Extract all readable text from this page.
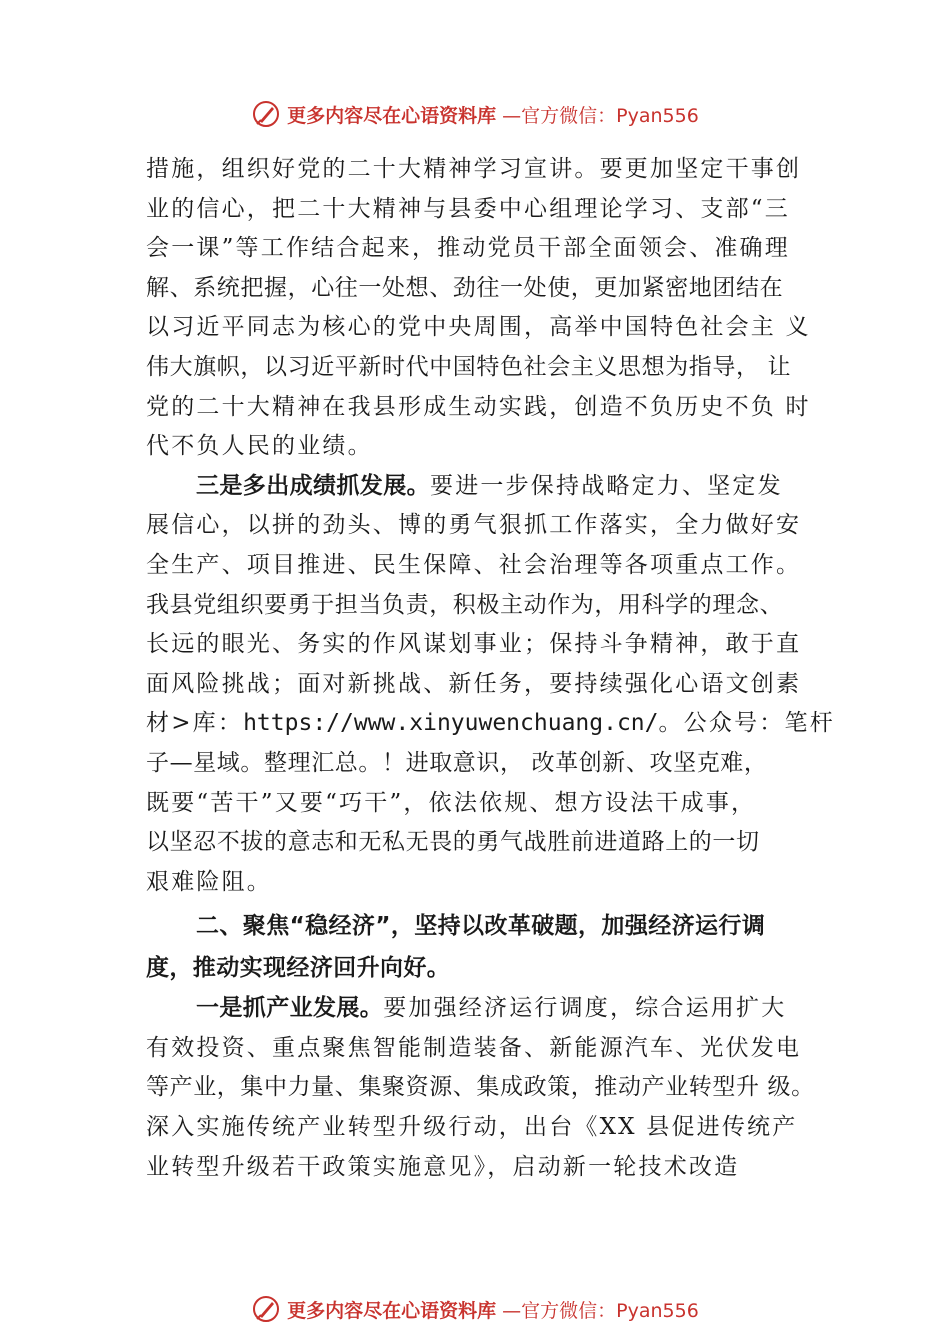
更多内容尽在心语资料库 —官方微信：Pyan556
措施，组织好党的二十大精神学习宣讲。要更加坚定干事创
业的信心，把二十大精神与县委中心组理论学习、支部“三
会一课”等工作结合起来，推动党员干部全面领会、准确理
解、系统把握，心往一处想、劲往一处使，更加紧密地团结在
以习近平同志为核心的党中央周围，高举中国特色社会主 义
伟大旗帜，以习近平新时代中国特色社会主义思想为指导， 让
党的二十大精神在我县形成生动实践，创造不负历史不负 时
代不负人民的业绩。
三是多出成绩抓发展。要进一步保持战略定力、坚定发
展信心，以拼的劲头、博的勇气狠抓工作落实，全力做好安
全生产、项目推进、民生保障、社会治理等各项重点工作。
我县党组织要勇于担当负责，积极主动作为，用科学的理念、
长远的眼光、务实的作风谋划事业；保持斗争精神，敢于直
面风险挑战；面对新挑战、新任务，要持续强化心语文创素
材>库：https://www.xinyuwenchuang.cn/。公众号：笔杆
子—星域。整理汇总。！进取意识， 改革创新、攻坚克难，
既要“苦干”又要“巧干”，依法依规、想方设法干成事，
以坚忍不拔的意志和无私无畏的勇气战胜前进道路上的一切
艰难险阻。
二、聚焦“稳经济”，坚持以改革破题，加强经济运行调
度，推动实现经济回升向好。
一是抓产业发展。要加强经济运行调度，综合运用扩大
有效投资、重点聚焦智能制造装备、新能源汽车、光伏发电
等产业，集中力量、集聚资源、集成政策，推动产业转型升 级。
深入实施传统产业转型升级行动，出台《XX 县促进传统产
业转型升级若干政策实施意见》，启动新一轮技术改造
更多内容尽在心语资料库 —官方微信：Pyan556
